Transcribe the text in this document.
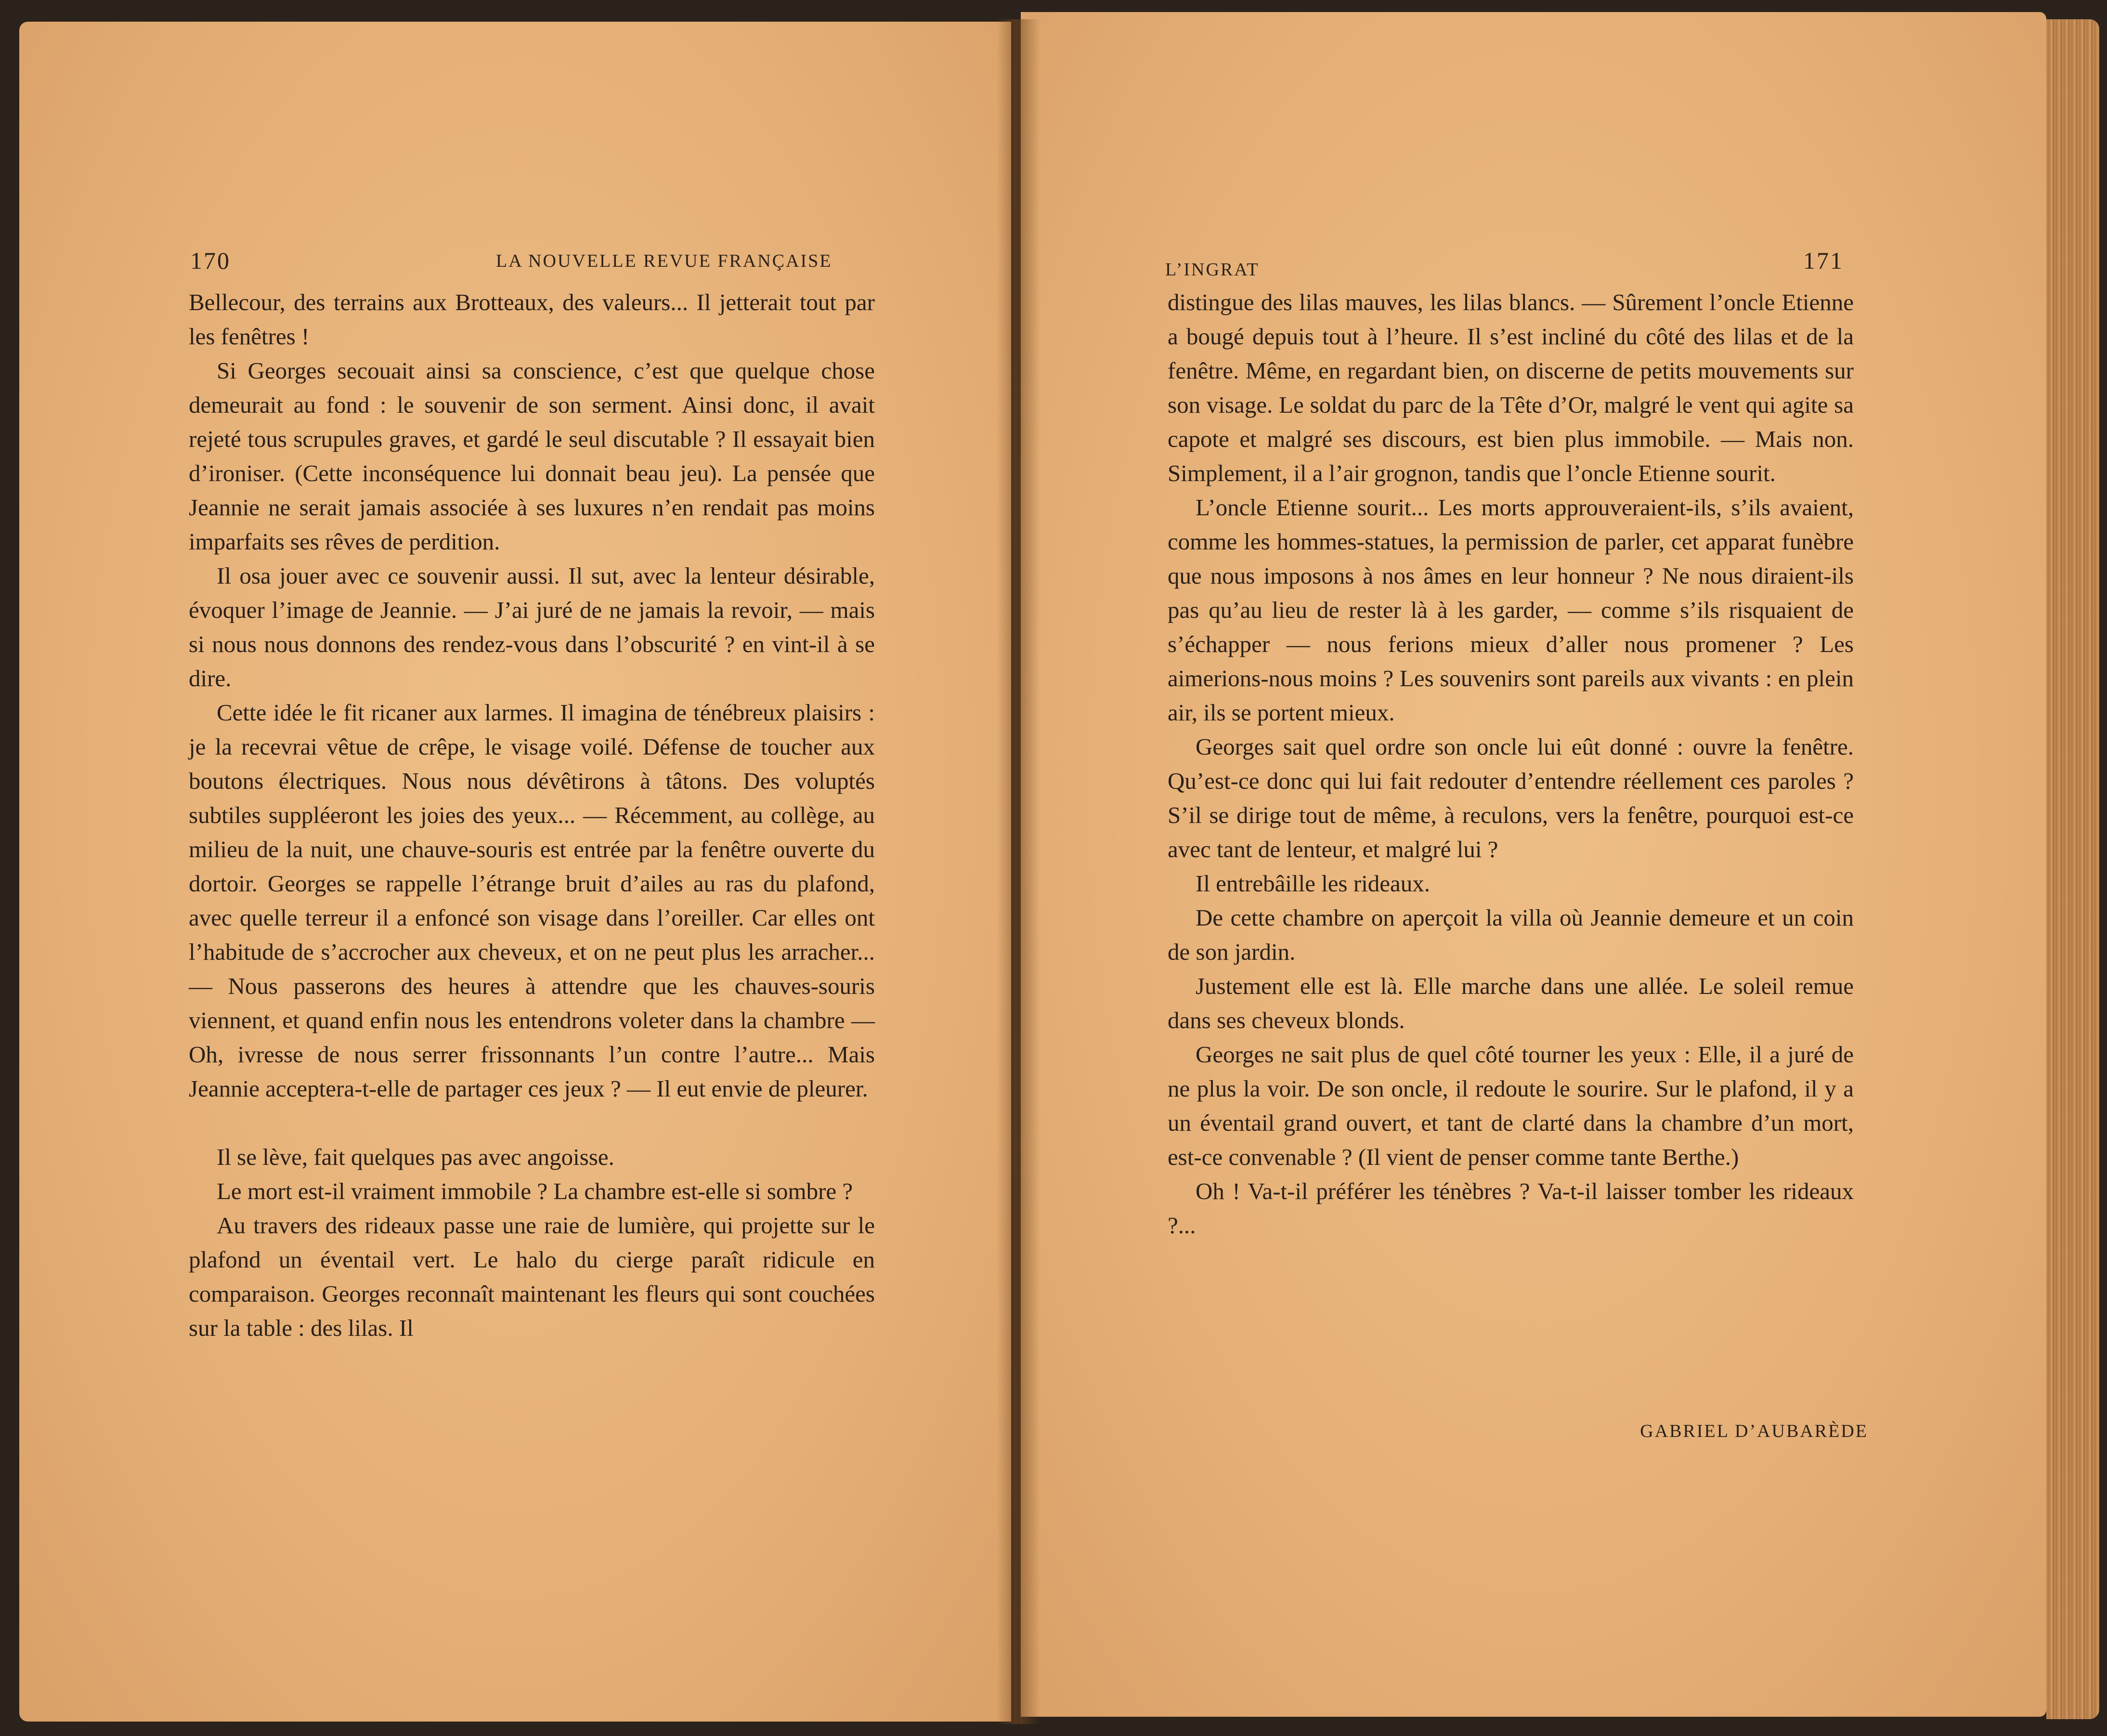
170	LA NOUVELLE REVUE FRANÇAISE

Bellecour, des terrains aux Brotteaux, des valeurs... Il jetterait tout par les fenêtres !

Si Georges secouait ainsi sa conscience, c’est que quelque chose demeurait au fond : le souvenir de son serment. Ainsi donc, il avait rejeté tous scrupules graves, et gardé le seul discutable ? Il essayait bien d’ironiser. (Cette inconséquence lui donnait beau jeu). La pensée que Jeannie ne serait jamais associée à ses luxures n’en rendait pas moins imparfaits ses rêves de perdition.

Il osa jouer avec ce souvenir aussi. Il sut, avec la lenteur désirable, évoquer l’image de Jeannie. — J’ai juré de ne jamais la revoir, — mais si nous nous donnons des rendez-vous dans l’obscurité ? en vint-il à se dire.

Cette idée le fit ricaner aux larmes. Il imagina de ténébreux plaisirs : je la recevrai vêtue de crêpe, le visage voilé. Défense de toucher aux boutons électriques. Nous nous dévêtirons à tâtons. Des voluptés subtiles suppléeront les joies des yeux... — Récemment, au collège, au milieu de la nuit, une chauve-souris est entrée par la fenêtre ouverte du dortoir. Georges se rappelle l’étrange bruit d’ailes au ras du plafond, avec quelle terreur il a enfoncé son visage dans l’oreiller. Car elles ont l’habitude de s’accrocher aux cheveux, et on ne peut plus les arracher... — Nous passerons des heures à attendre que les chauves-souris viennent, et quand enfin nous les entendrons voleter dans la chambre — Oh, ivresse de nous serrer frissonnants l’un contre l’autre... Mais Jeannie acceptera-t-elle de partager ces jeux ? — Il eut envie de pleurer.

Il se lève, fait quelques pas avec angoisse.

Le mort est-il vraiment immobile ? La chambre est-elle si sombre ?

Au travers des rideaux passe une raie de lumière, qui projette sur le plafond un éventail vert. Le halo du cierge paraît ridicule en comparaison. Georges reconnaît maintenant les fleurs qui sont couchées sur la table : des lilas. Il

L’INGRAT	171

distingue des lilas mauves, les lilas blancs. — Sûrement l’oncle Etienne a bougé depuis tout à l’heure. Il s’est incliné du côté des lilas et de la fenêtre. Même, en regardant bien, on discerne de petits mouvements sur son visage. Le soldat du parc de la Tête d’Or, malgré le vent qui agite sa capote et malgré ses discours, est bien plus immobile. — Mais non. Simplement, il a l’air grognon, tandis que l’oncle Etienne sourit.

L’oncle Etienne sourit... Les morts approuveraient-ils, s’ils avaient, comme les hommes-statues, la permission de parler, cet apparat funèbre que nous imposons à nos âmes en leur honneur ? Ne nous diraient-ils pas qu’au lieu de rester là à les garder, — comme s’ils risquaient de s’échapper — nous ferions mieux d’aller nous promener ? Les aimerions-nous moins ? Les souvenirs sont pareils aux vivants : en plein air, ils se portent mieux.

Georges sait quel ordre son oncle lui eût donné : ouvre la fenêtre. Qu’est-ce donc qui lui fait redouter d’entendre réellement ces paroles ? S’il se dirige tout de même, à reculons, vers la fenêtre, pourquoi est-ce avec tant de lenteur, et malgré lui ?

Il entrebâille les rideaux.

De cette chambre on aperçoit la villa où Jeannie demeure et un coin de son jardin.

Justement elle est là. Elle marche dans une allée. Le soleil remue dans ses cheveux blonds.

Georges ne sait plus de quel côté tourner les yeux : Elle, il a juré de ne plus la voir. De son oncle, il redoute le sourire. Sur le plafond, il y a un éventail grand ouvert, et tant de clarté dans la chambre d’un mort, est-ce convenable ? (Il vient de penser comme tante Berthe.)

Oh ! Va-t-il préférer les ténèbres ? Va-t-il laisser tomber les rideaux ?...

GABRIEL D’AUBARÈDE
